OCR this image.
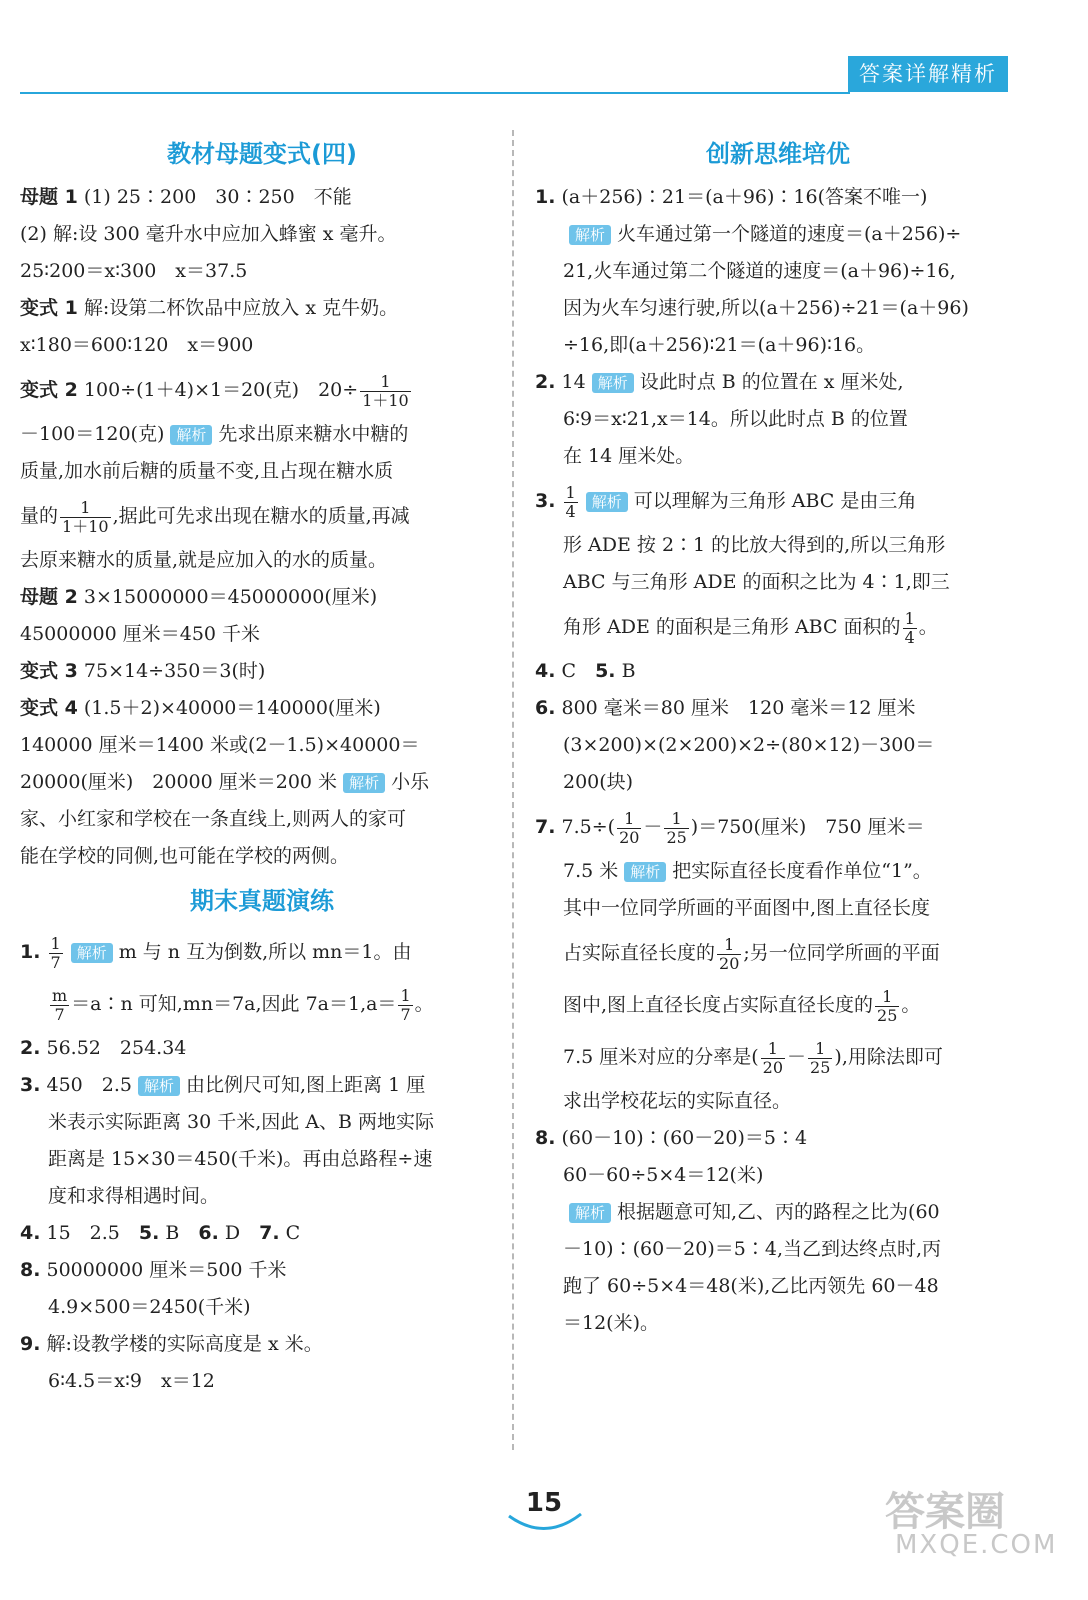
答案详解精析
教材母题变式(四)
母题 1 (1) 25∶200　30∶250　不能
(2) 解:设 300 毫升水中应加入蜂蜜 x 毫升。
25∶200＝x∶300　x＝37.5
变式 1 解:设第二杯饮品中应放入 x 克牛奶。
x∶180＝600∶120　x＝900
变式 2 100÷(1＋4)×1＝20(克)　$20\div \frac{1}{1+10}$
－100＝120(克) 解析 先求出原来糖水中糖的
质量,加水前后糖的质量不变,且占现在糖水质
量的 $\frac{1}{1+10}$ ,据此可先求出现在糖水的质量,再减
去原来糖水的质量,就是应加入的水的质量。
母题 2 3×15000000＝45000000(厘米)
45000000 厘米＝450 千米
变式 3 75×14÷350＝3(时)
变式 4 (1.5＋2)×40000＝140000(厘米)
140000 厘米＝1400 米或(2－1.5)×40000＝
20000(厘米)　20000 厘米＝200 米 解析 小乐
家、小红家和学校在一条直线上,则两人的家可
能在学校的同侧,也可能在学校的两侧。
期末真题演练
1. $\frac{1}{7}$ 解析 m 与 n 互为倒数,所以 mn＝1。由
$\frac{m}{7}$ ＝a∶n 可知,mn＝7a,因此 $7a=1,a= \frac{1}{7}$ 。
2. 56.52　254.34
3. 450　2.5 解析 由比例尺可知,图上距离 1 厘
米表示实际距离 30 千米,因此 A、B 两地实际
距离是 15×30＝450(千米)。再由总路程÷速
度和求得相遇时间。
4. 15　2.5　 5. B　 6. D　 7. C
8. 50000000 厘米＝500 千米
4.9×500＝2450(千米)
9. 解:设教学楼的实际高度是 x 米。
6∶4.5＝x∶9　x＝12
创新思维培优
1. (a＋256)∶21＝(a＋96)∶16(答案不唯一)
解析 火车通过第一个隧道的速度＝(a＋256)÷
21,火车通过第二个隧道的速度＝(a＋96)÷16,
因为火车匀速行驶,所以(a＋256)÷21＝(a＋96)
÷16,即(a＋256)∶21＝(a＋96)∶16。
2. 14 解析 设此时点 B 的位置在 x 厘米处,
6∶9＝x∶21,x＝14。所以此时点 B 的位置
在 14 厘米处。
3. $\frac{1}{4}$ 解析 可以理解为三角形 ABC 是由三角
形 ADE 按 2∶1 的比放大得到的,所以三角形
ABC 与三角形 ADE 的面积之比为 4∶1,即三
角形 ADE 的面积是三角形 ABC 面积的 $\frac{1}{4}$ 。
4. C　 5. B
6. 800 毫米＝80 厘米　120 毫米＝12 厘米
(3×200)×(2×200)×2÷(80×12)－300＝
200(块)
7. $7.5\div( \frac{1}{20} - \frac{1}{25} )=750$(厘米)　750 厘米＝
7.5 米 解析 把实际直径长度看作单位“1”。
其中一位同学所画的平面图中,图上直径长度
占实际直径长度的 $\frac{1}{20}$ ;另一位同学所画的平面
图中,图上直径长度占实际直径长度的 $\frac{1}{25}$ 。
7.5 厘米对应的分率是( $\frac{1}{20} - \frac{1}{25}$ ),用除法即可
求出学校花坛的实际直径。
8. (60－10)∶(60－20)＝5∶4
60－60÷5×4＝12(米)
解析 根据题意可知,乙、丙的路程之比为(60
－10)∶(60－20)＝5∶4,当乙到达终点时,丙
跑了 60÷5×4＝48(米),乙比丙领先 60－48
＝12(米)。
15	答案圈
MXQE.COM
